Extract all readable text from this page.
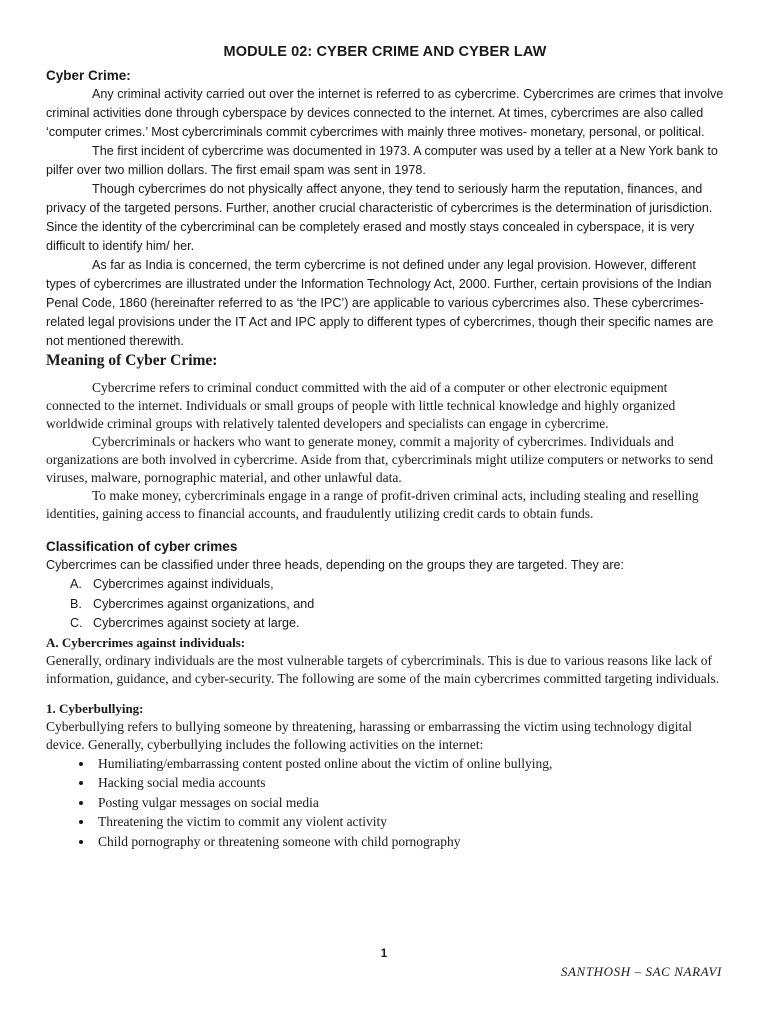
MODULE 02: CYBER CRIME AND CYBER LAW
Cyber Crime:

Any criminal activity carried out over the internet is referred to as cybercrime. Cybercrimes are crimes that involve criminal activities done through cyberspace by devices connected to the internet. At times, cybercrimes are also called ‘computer crimes.’ Most cybercriminals commit cybercrimes with mainly three motives- monetary, personal, or political.

The first incident of cybercrime was documented in 1973. A computer was used by a teller at a New York bank to pilfer over two million dollars. The first email spam was sent in 1978.

Though cybercrimes do not physically affect anyone, they tend to seriously harm the reputation, finances, and privacy of the targeted persons. Further, another crucial characteristic of cybercrimes is the determination of jurisdiction. Since the identity of the cybercriminal can be completely erased and mostly stays concealed in cyberspace, it is very difficult to identify him/ her.

As far as India is concerned, the term cybercrime is not defined under any legal provision. However, different types of cybercrimes are illustrated under the Information Technology Act, 2000. Further, certain provisions of the Indian Penal Code, 1860 (hereinafter referred to as ‘the IPC’) are applicable to various cybercrimes also. These cybercrimes-related legal provisions under the IT Act and IPC apply to different types of cybercrimes, though their specific names are not mentioned therewith.

Meaning of Cyber Crime:

Cybercrime refers to criminal conduct committed with the aid of a computer or other electronic equipment connected to the internet. Individuals or small groups of people with little technical knowledge and highly organized worldwide criminal groups with relatively talented developers and specialists can engage in cybercrime.

Cybercriminals or hackers who want to generate money, commit a majority of cybercrimes. Individuals and organizations are both involved in cybercrime. Aside from that, cybercriminals might utilize computers or networks to send viruses, malware, pornographic material, and other unlawful data.

To make money, cybercriminals engage in a range of profit-driven criminal acts, including stealing and reselling identities, gaining access to financial accounts, and fraudulently utilizing credit cards to obtain funds.

Classification of cyber crimes

Cybercrimes can be classified under three heads, depending on the groups they are targeted. They are:

A. Cybercrimes against individuals,
B. Cybercrimes against organizations, and
C. Cybercrimes against society at large.
A. Cybercrimes against individuals:

Generally, ordinary individuals are the most vulnerable targets of cybercriminals. This is due to various reasons like lack of information, guidance, and cyber-security. The following are some of the main cybercrimes committed targeting individuals.

1. Cyberbullying:

Cyberbullying refers to bullying someone by threatening, harassing or embarrassing the victim using technology digital device. Generally, cyberbullying includes the following activities on the internet:

• Humiliating/embarrassing content posted online about the victim of online bullying,
• Hacking social media accounts
• Posting vulgar messages on social media
• Threatening the victim to commit any violent activity
• Child pornography or threatening someone with child pornography
1
SANTHOSH – SAC NARAVI
